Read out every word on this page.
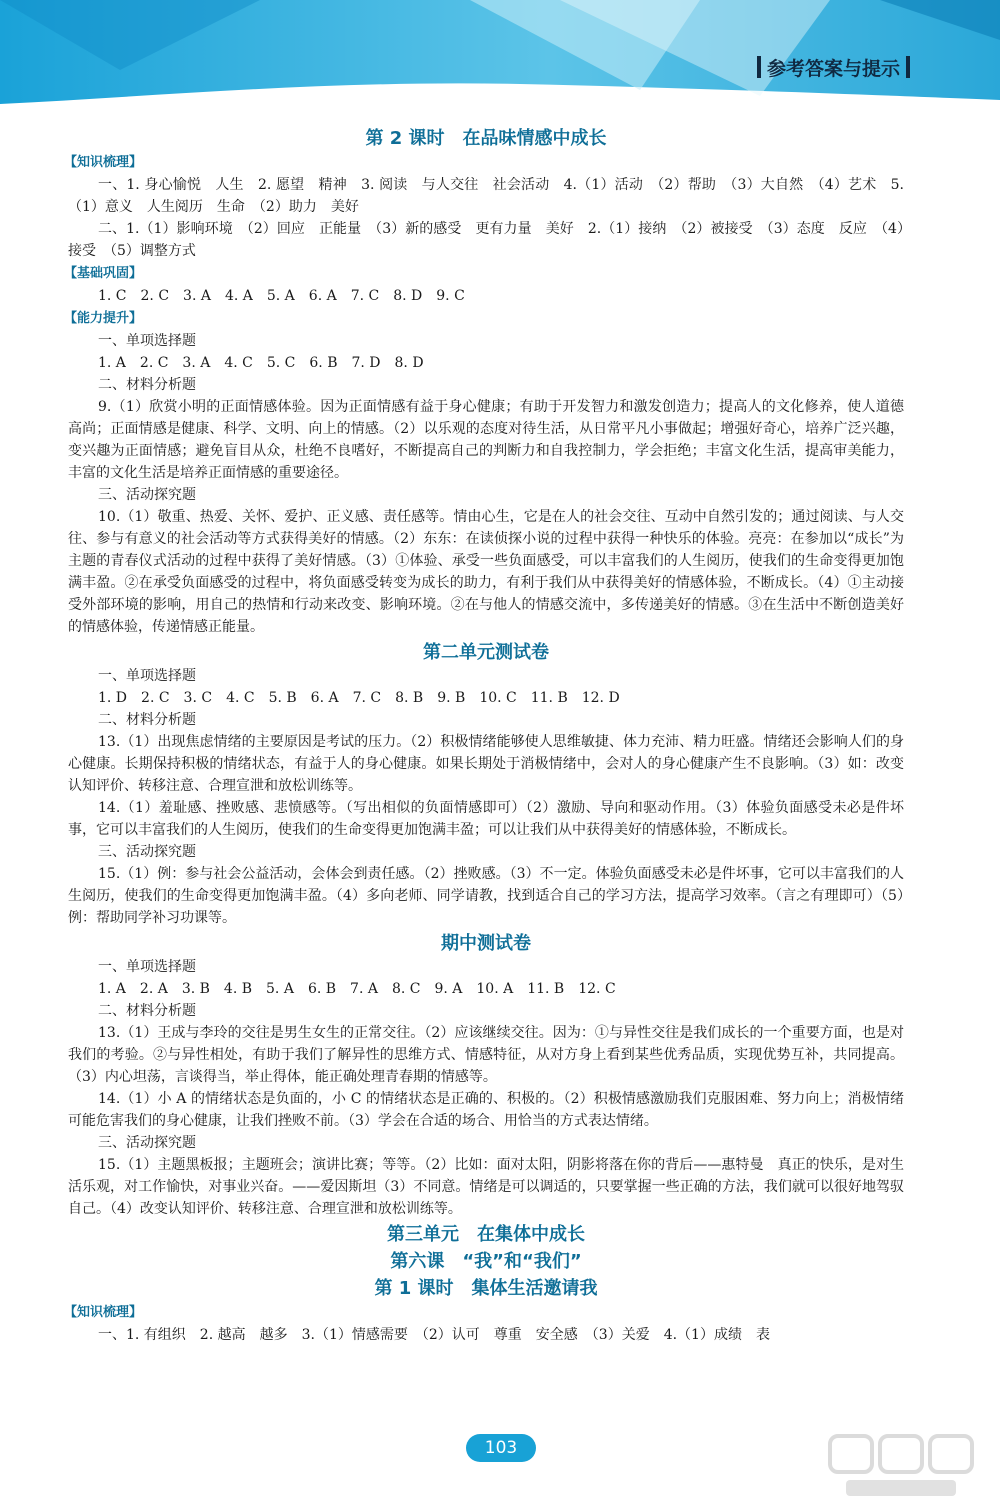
参考答案与提示
第 2 课时　在品味情感中成长
【知识梳理】

一、1. 身心愉悦　人生　2. 愿望　精神　3. 阅读　与人交往　社会活动　4.（1）活动　（2）帮助　（3）大自然　（4）艺术　5.（1）意义　人生阅历　生命　（2）助力　美好

二、1.（1）影响环境　（2）回应　正能量　（3）新的感受　更有力量　美好　2.（1）接纳　（2）被接受　（3）态度　反应　（4）接受　（5）调整方式

【基础巩固】

1. C　2. C　3. A　4. A　5. A　6. A　7. C　8. D　9. C

【能力提升】

一、单项选择题

1. A　2. C　3. A　4. C　5. C　6. B　7. D　8. D

二、材料分析题

9.（1）欣赏小明的正面情感体验。因为正面情感有益于身心健康；有助于开发智力和激发创造力；提高人的文化修养，使人道德高尚；正面情感是健康、科学、文明、向上的情感。（2）以乐观的态度对待生活，从日常平凡小事做起；增强好奇心，培养广泛兴趣，变兴趣为正面情感；避免盲目从众，杜绝不良嗜好，不断提高自己的判断力和自我控制力，学会拒绝；丰富文化生活，提高审美能力，丰富的文化生活是培养正面情感的重要途径。

三、活动探究题

10.（1）敬重、热爱、关怀、爱护、正义感、责任感等。情由心生，它是在人的社会交往、互动中自然引发的；通过阅读、与人交往、参与有意义的社会活动等方式获得美好的情感。（2）东东：在读侦探小说的过程中获得一种快乐的体验。亮亮：在参加以“成长”为主题的青春仪式活动的过程中获得了美好情感。（3）①体验、承受一些负面感受，可以丰富我们的人生阅历，使我们的生命变得更加饱满丰盈。②在承受负面感受的过程中，将负面感受转变为成长的助力，有利于我们从中获得美好的情感体验，不断成长。（4）①主动接受外部环境的影响，用自己的热情和行动来改变、影响环境。②在与他人的情感交流中，多传递美好的情感。③在生活中不断创造美好的情感体验，传递情感正能量。

第二单元测试卷

一、单项选择题

1. D　2. C　3. C　4. C　5. B　6. A　7. C　8. B　9. B　10. C　11. B　12. D

二、材料分析题

13.（1）出现焦虑情绪的主要原因是考试的压力。（2）积极情绪能够使人思维敏捷、体力充沛、精力旺盛。情绪还会影响人们的身心健康。长期保持积极的情绪状态，有益于人的身心健康。如果长期处于消极情绪中，会对人的身心健康产生不良影响。（3）如：改变认知评价、转移注意、合理宣泄和放松训练等。

14.（1）羞耻感、挫败感、悲愤感等。（写出相似的负面情感即可）（2）激励、导向和驱动作用。（3）体验负面感受未必是件坏事，它可以丰富我们的人生阅历，使我们的生命变得更加饱满丰盈；可以让我们从中获得美好的情感体验，不断成长。

三、活动探究题

15.（1）例：参与社会公益活动，会体会到责任感。（2）挫败感。（3）不一定。体验负面感受未必是件坏事，它可以丰富我们的人生阅历，使我们的生命变得更加饱满丰盈。（4）多向老师、同学请教，找到适合自己的学习方法，提高学习效率。（言之有理即可）（5）例：帮助同学补习功课等。

期中测试卷

一、单项选择题

1. A　2. A　3. B　4. B　5. A　6. B　7. A　8. C　9. A　10. A　11. B　12. C

二、材料分析题

13.（1）王成与李玲的交往是男生女生的正常交往。（2）应该继续交往。因为：①与异性交往是我们成长的一个重要方面，也是对我们的考验。②与异性相处，有助于我们了解异性的思维方式、情感特征，从对方身上看到某些优秀品质，实现优势互补，共同提高。（3）内心坦荡，言谈得当，举止得体，能正确处理青春期的情感等。

14.（1）小 A 的情绪状态是负面的，小 C 的情绪状态是正确的、积极的。（2）积极情感激励我们克服困难、努力向上；消极情绪可能危害我们的身心健康，让我们挫败不前。（3）学会在合适的场合、用恰当的方式表达情绪。

三、活动探究题

15.（1）主题黑板报；主题班会；演讲比赛；等等。（2）比如：面对太阳，阴影将落在你的背后——惠特曼　真正的快乐，是对生活乐观，对工作愉快，对事业兴奋。——爱因斯坦（3）不同意。情绪是可以调适的，只要掌握一些正确的方法，我们就可以很好地驾驭自己。（4）改变认知评价、转移注意、合理宣泄和放松训练等。

第三单元　在集体中成长
第六课　“我”和“我们”
第 1 课时　集体生活邀请我
【知识梳理】

一、1. 有组织　2. 越高　越多　3.（1）情感需要　（2）认可　尊重　安全感　（3）关爱　4.（1）成绩　表

103
